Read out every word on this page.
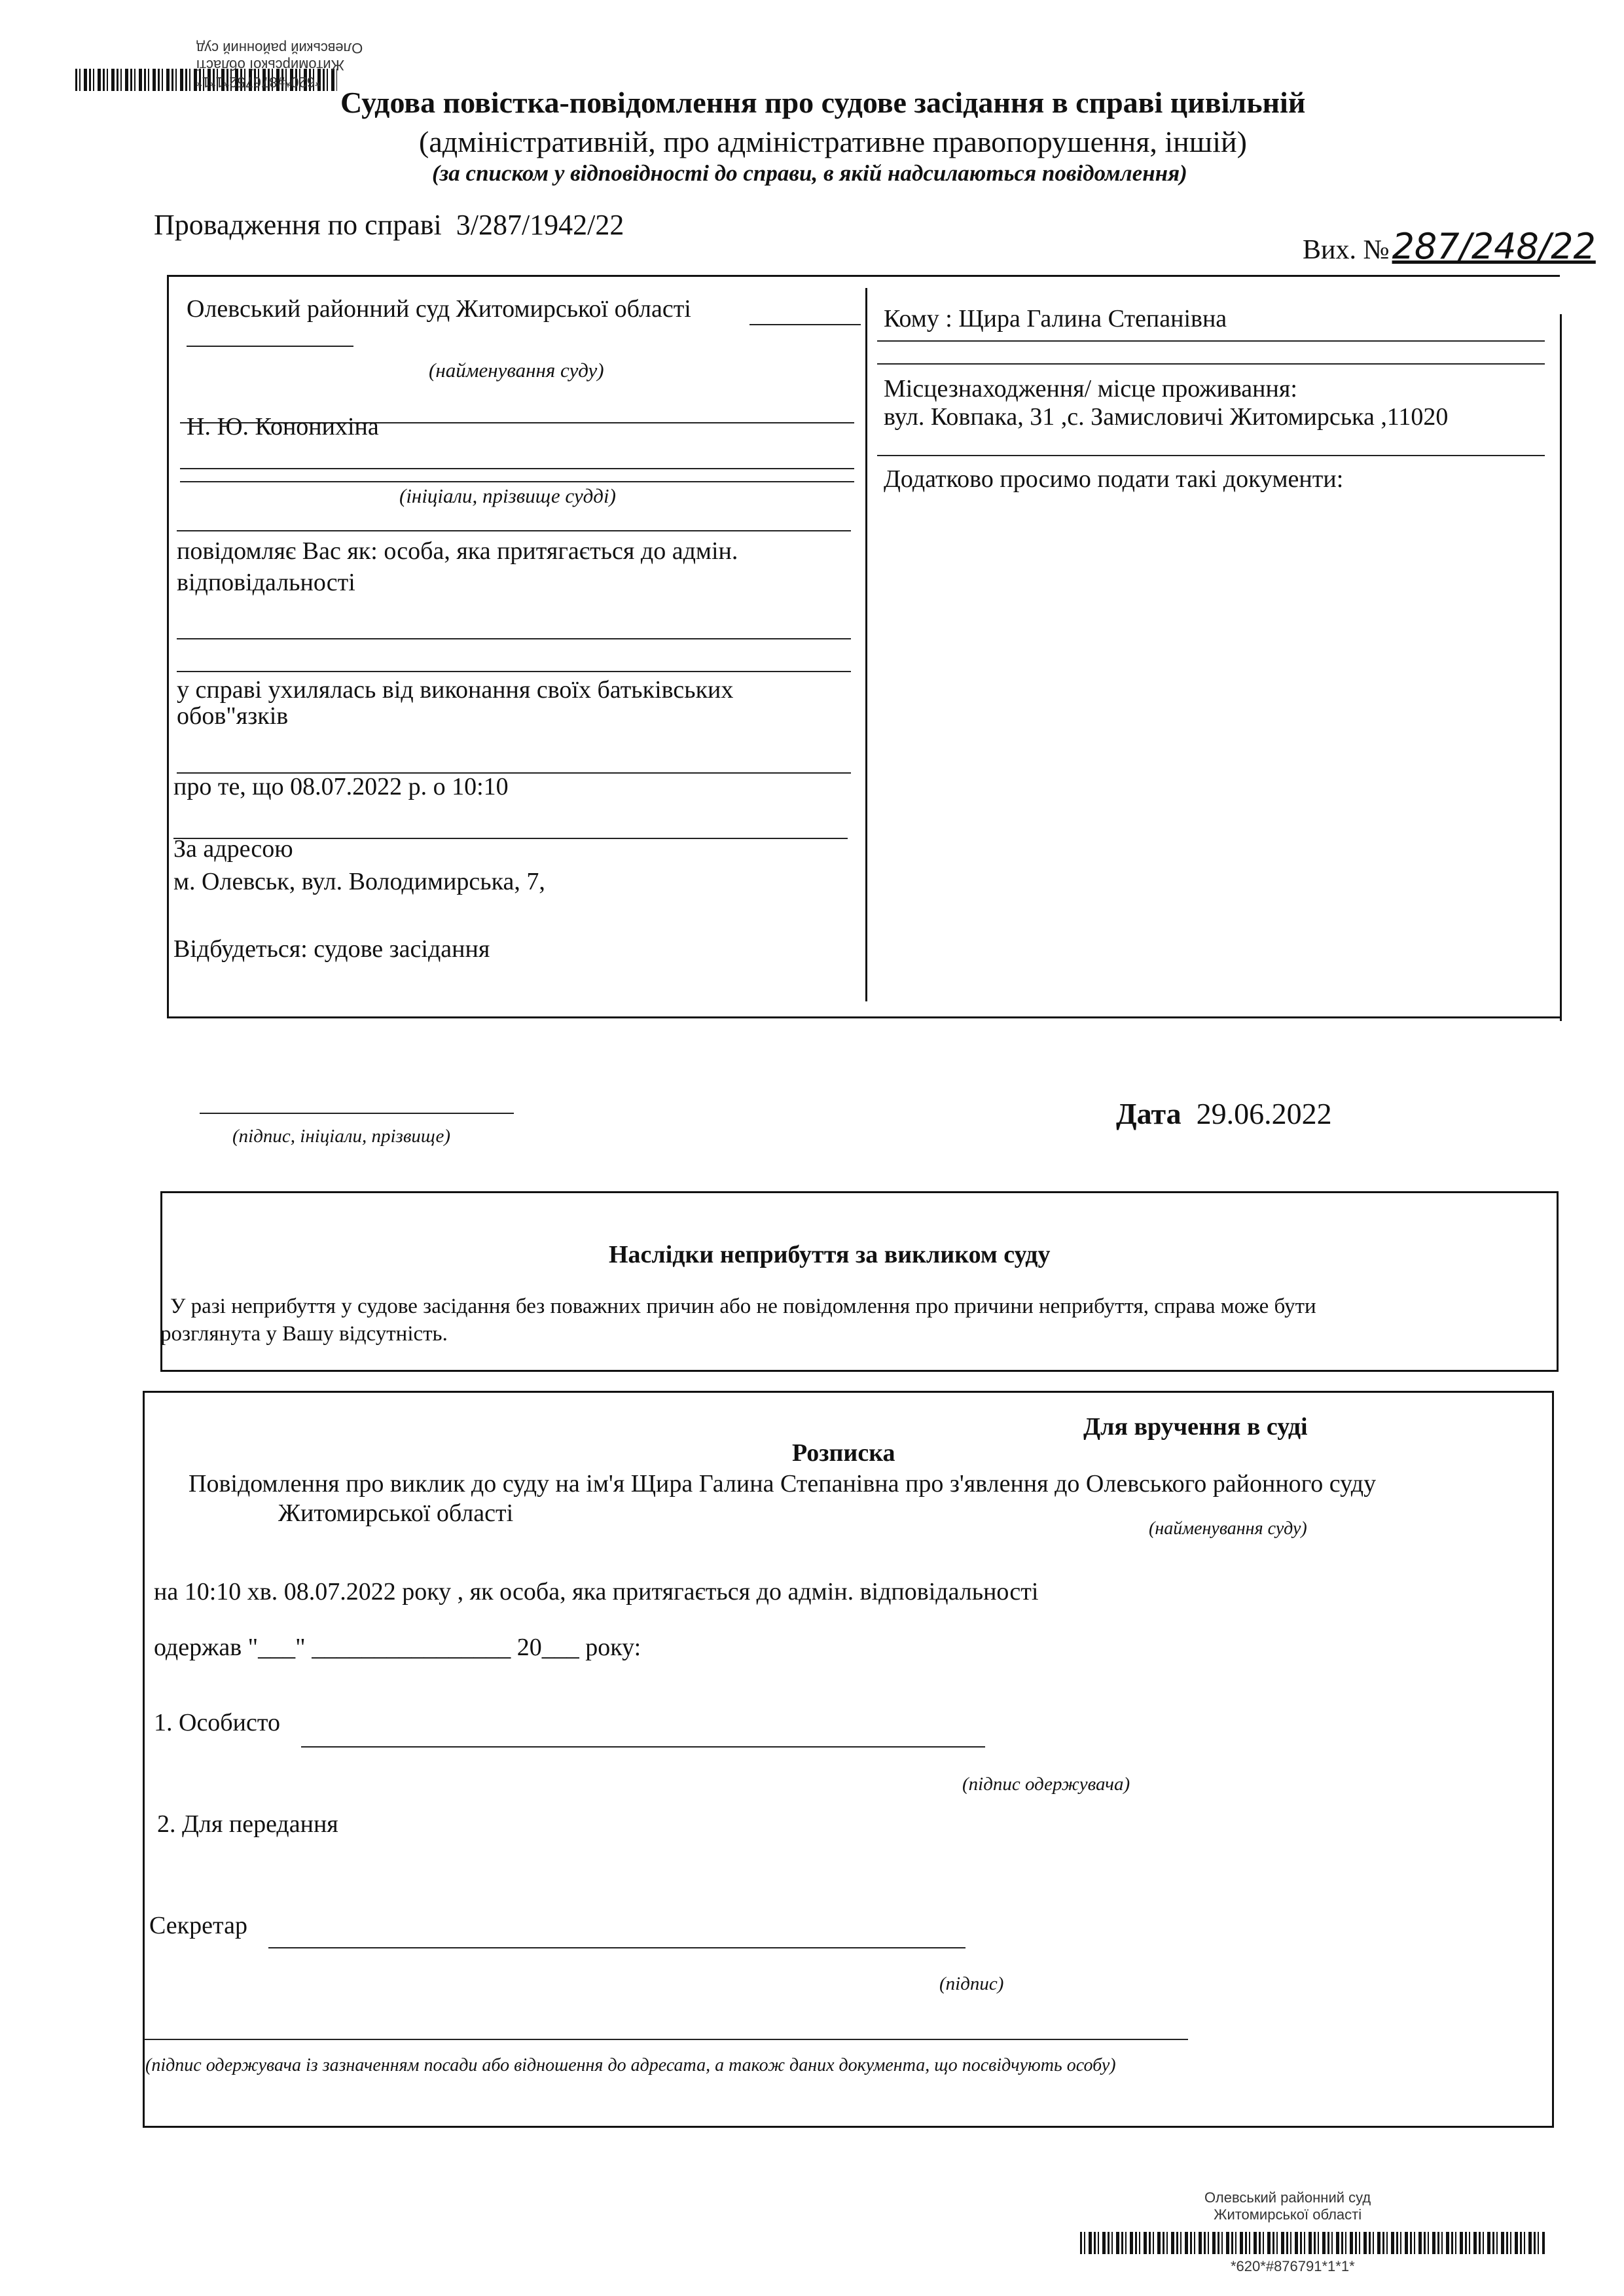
*620*#876752*1*1*
Житомирської області
Олевський районний суд
Судова повістка-повідомлення про судове засідання в справі цивільній
(адміністративній, про адміністративне правопорушення, іншій)
(за списком у відповідності до справи, в якій надсилаються повідомлення)
Провадження по справі 3/287/1942/22
Вих. № 287/248/22
Олевський районний суд Житомирської області
(найменування суду)
Н. Ю. Кононихіна
(ініціали, прізвище судді)
повідомляє Вас як: особа, яка притягається до адмін.
відповідальності
у справі ухилялась від виконання своїх батьківських
обов"язків
про те, що 08.07.2022 р. о 10:10
За адресою
м. Олевськ, вул. Володимирська, 7,
Відбудеться: судове засідання
Кому : Щира Галина Степанівна
Місцезнаходження/ місце проживання:
вул. Ковпака, 31 ,с. Замисловичі Житомирська ,11020
Додатково просимо подати такі документи:
(підпис, ініціали, прізвище)
Дата 29.06.2022
Наслідки неприбуття за викликом суду
У разі неприбуття у судове засідання без поважних причин або не повідомлення про причини неприбуття, справа може бути
розглянута у Вашу відсутність.
Для вручення в суді
Розписка
Повідомлення про виклик до суду на ім'я Щира Галина Степанівна про з'явлення до Олевського районного суду
Житомирської області
(найменування суду)
на 10:10 хв. 08.07.2022 року , як особа, яка притягається до адмін. відповідальності
одержав "___" ________________ 20___ року:
1. Особисто
(підпис одержувача)
2. Для передання
Секретар
(підпис)
(підпис одержувача із зазначенням посади або відношення до адресата, а також даних документа, що посвідчують особу)
Олевський районний суд
Житомирської області
*620*#876791*1*1*
